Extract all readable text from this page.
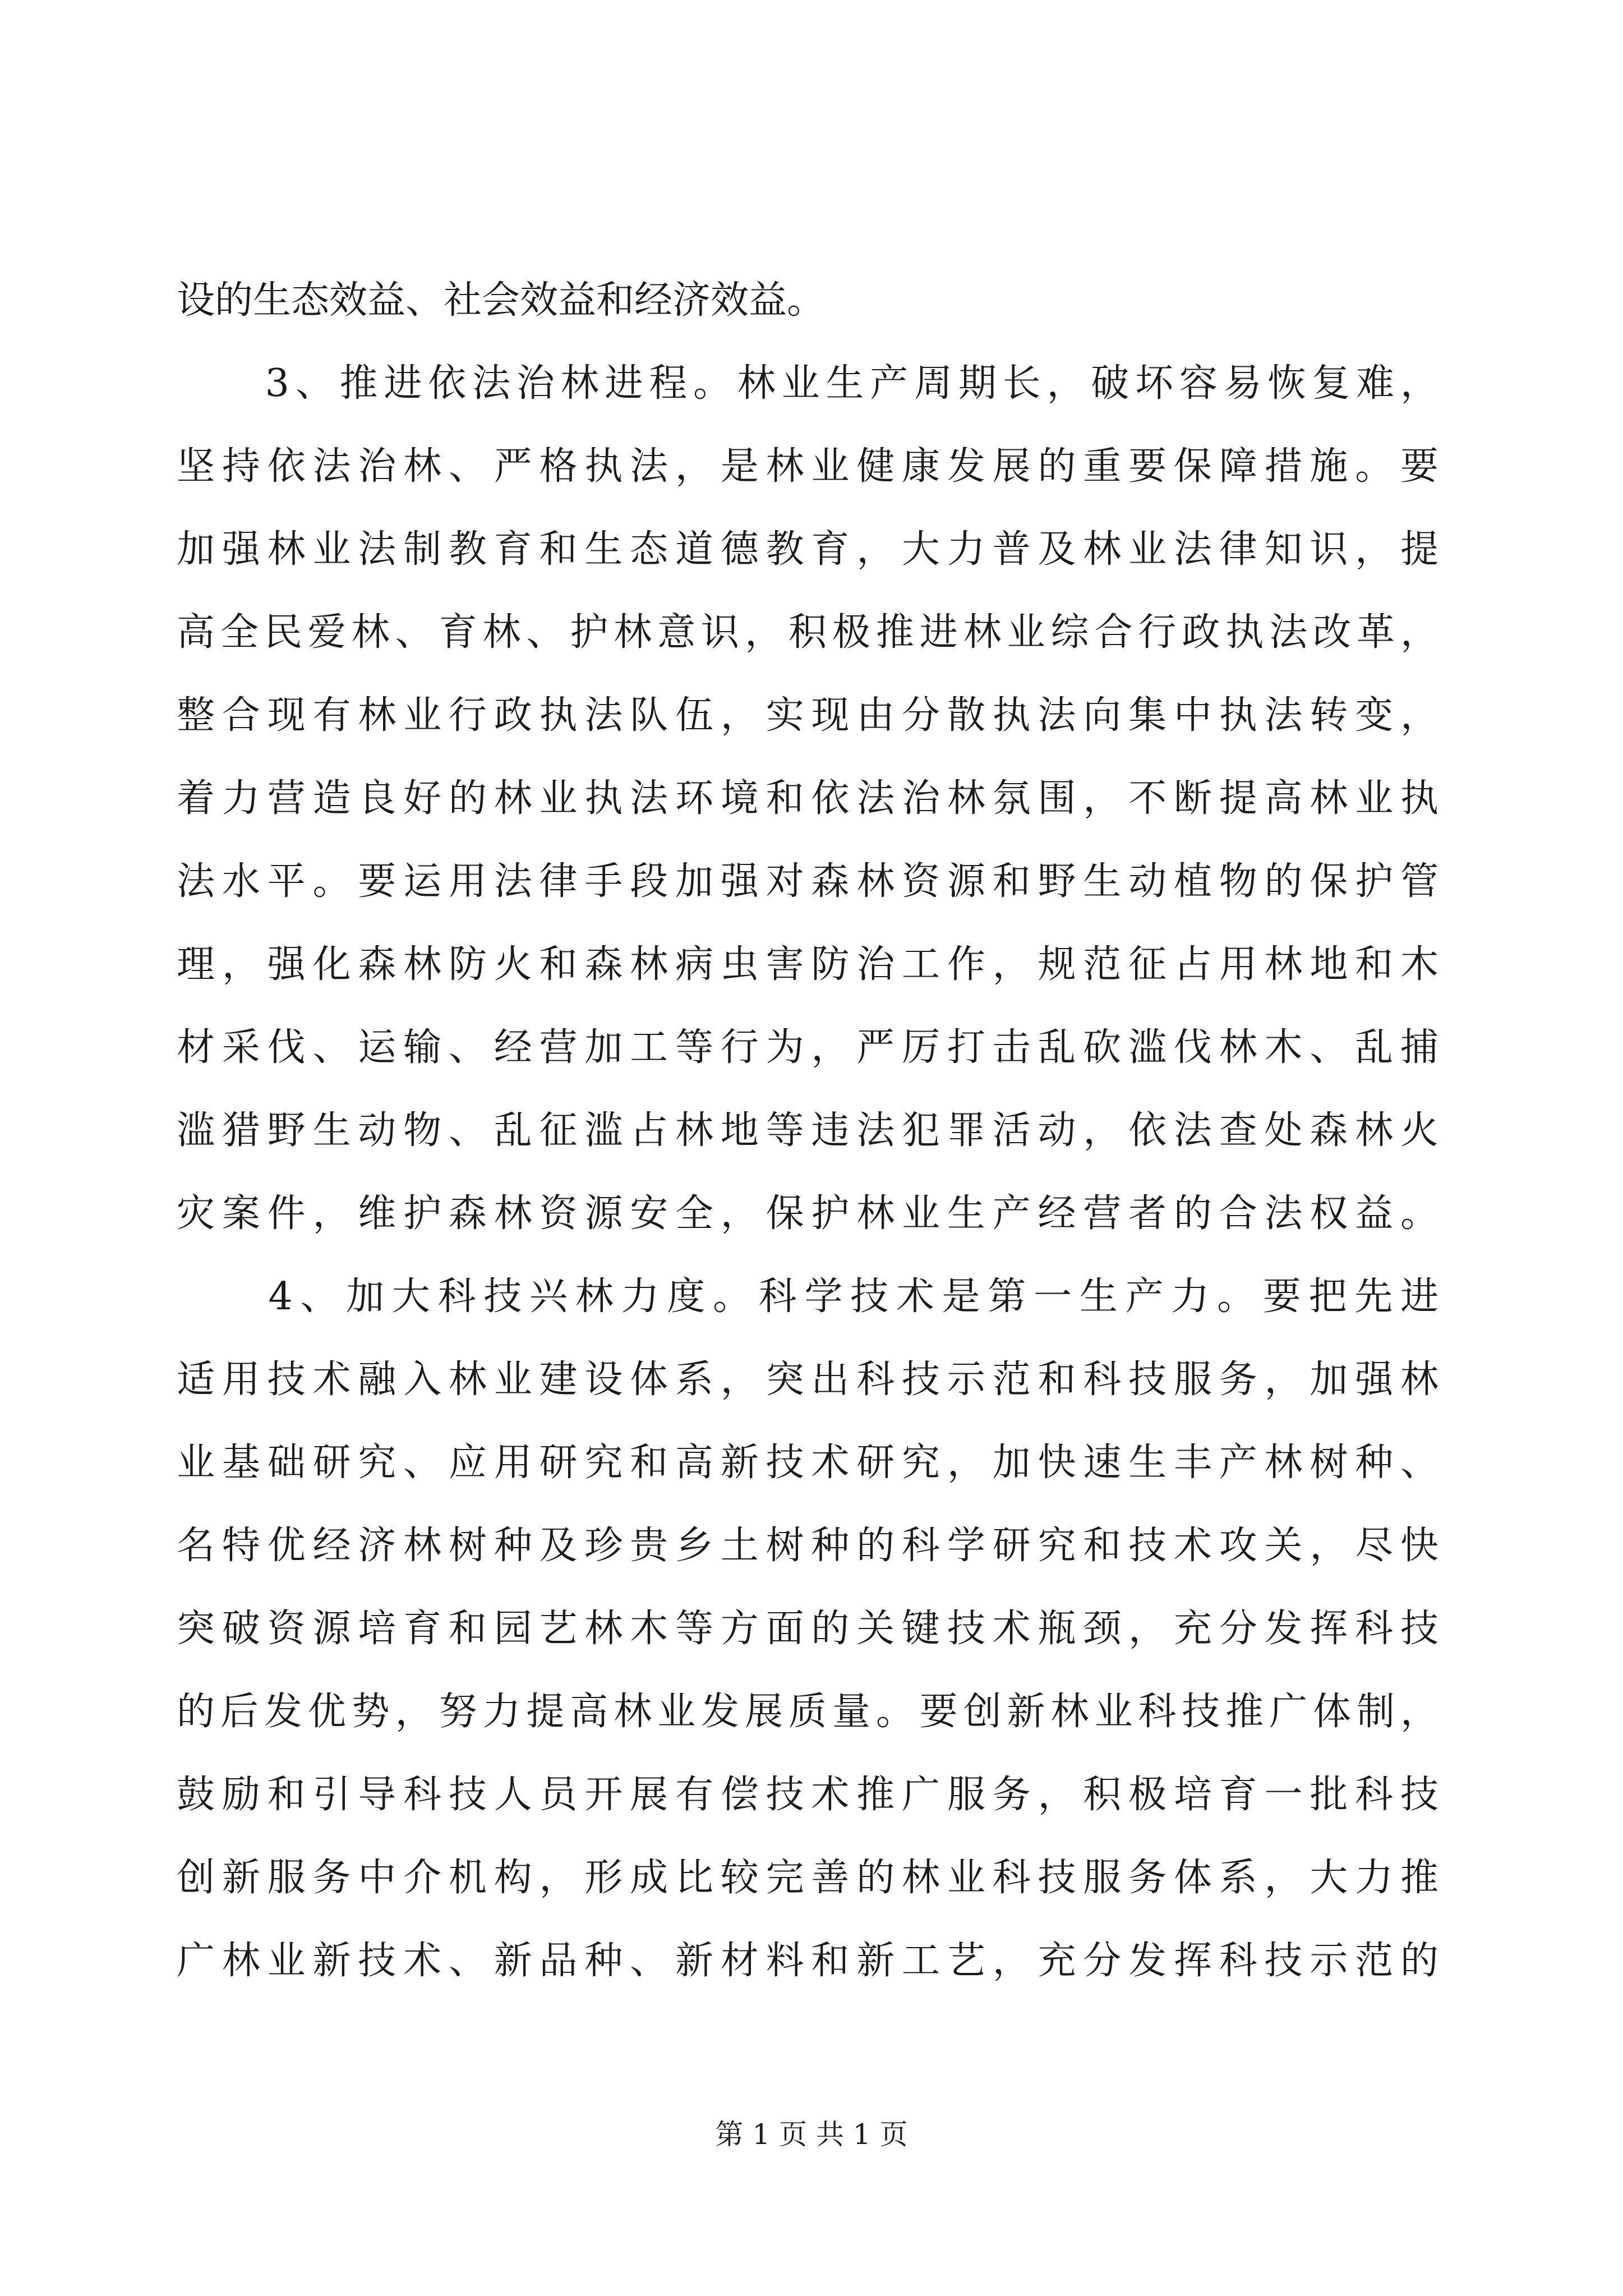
设的生态效益、社会效益和经济效益。
　　3、推进依法治林进程。林业生产周期长，破坏容易恢复难，
坚持依法治林、严格执法，是林业健康发展的重要保障措施。要
加强林业法制教育和生态道德教育，大力普及林业法律知识，提
高全民爱林、育林、护林意识，积极推进林业综合行政执法改革，
整合现有林业行政执法队伍，实现由分散执法向集中执法转变，
着力营造良好的林业执法环境和依法治林氛围，不断提高林业执
法水平。要运用法律手段加强对森林资源和野生动植物的保护管
理，强化森林防火和森林病虫害防治工作，规范征占用林地和木
材采伐、运输、经营加工等行为，严厉打击乱砍滥伐林木、乱捕
滥猎野生动物、乱征滥占林地等违法犯罪活动，依法查处森林火
灾案件，维护森林资源安全，保护林业生产经营者的合法权益。
　　4、加大科技兴林力度。科学技术是第一生产力。要把先进
适用技术融入林业建设体系，突出科技示范和科技服务，加强林
业基础研究、应用研究和高新技术研究，加快速生丰产林树种、
名特优经济林树种及珍贵乡土树种的科学研究和技术攻关，尽快
突破资源培育和园艺林木等方面的关键技术瓶颈，充分发挥科技
的后发优势，努力提高林业发展质量。要创新林业科技推广体制，
鼓励和引导科技人员开展有偿技术推广服务，积极培育一批科技
创新服务中介机构，形成比较完善的林业科技服务体系，大力推
广林业新技术、新品种、新材料和新工艺，充分发挥科技示范的
第 1 页 共 1 页
